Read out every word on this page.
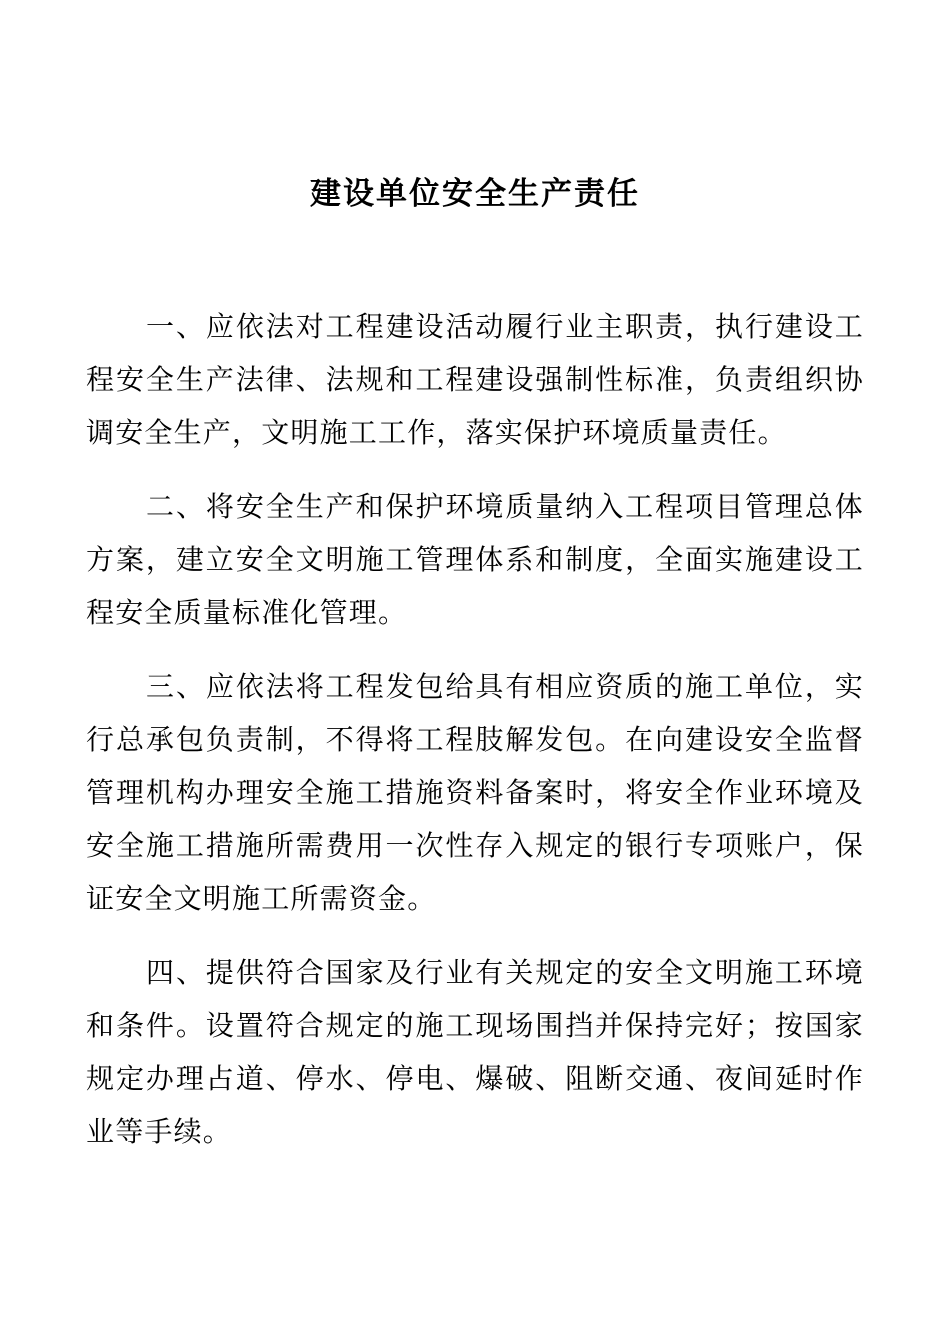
建设单位安全生产责任

一、应依法对工程建设活动履行业主职责，执行建设工程安全生产法律、法规和工程建设强制性标准，负责组织协调安全生产，文明施工工作，落实保护环境质量责任。

二、将安全生产和保护环境质量纳入工程项目管理总体方案，建立安全文明施工管理体系和制度，全面实施建设工程安全质量标准化管理。

三、应依法将工程发包给具有相应资质的施工单位，实行总承包负责制，不得将工程肢解发包。在向建设安全监督管理机构办理安全施工措施资料备案时，将安全作业环境及安全施工措施所需费用一次性存入规定的银行专项账户，保证安全文明施工所需资金。

四、提供符合国家及行业有关规定的安全文明施工环境和条件。设置符合规定的施工现场围挡并保持完好；按国家规定办理占道、停水、停电、爆破、阻断交通、夜间延时作业等手续。
